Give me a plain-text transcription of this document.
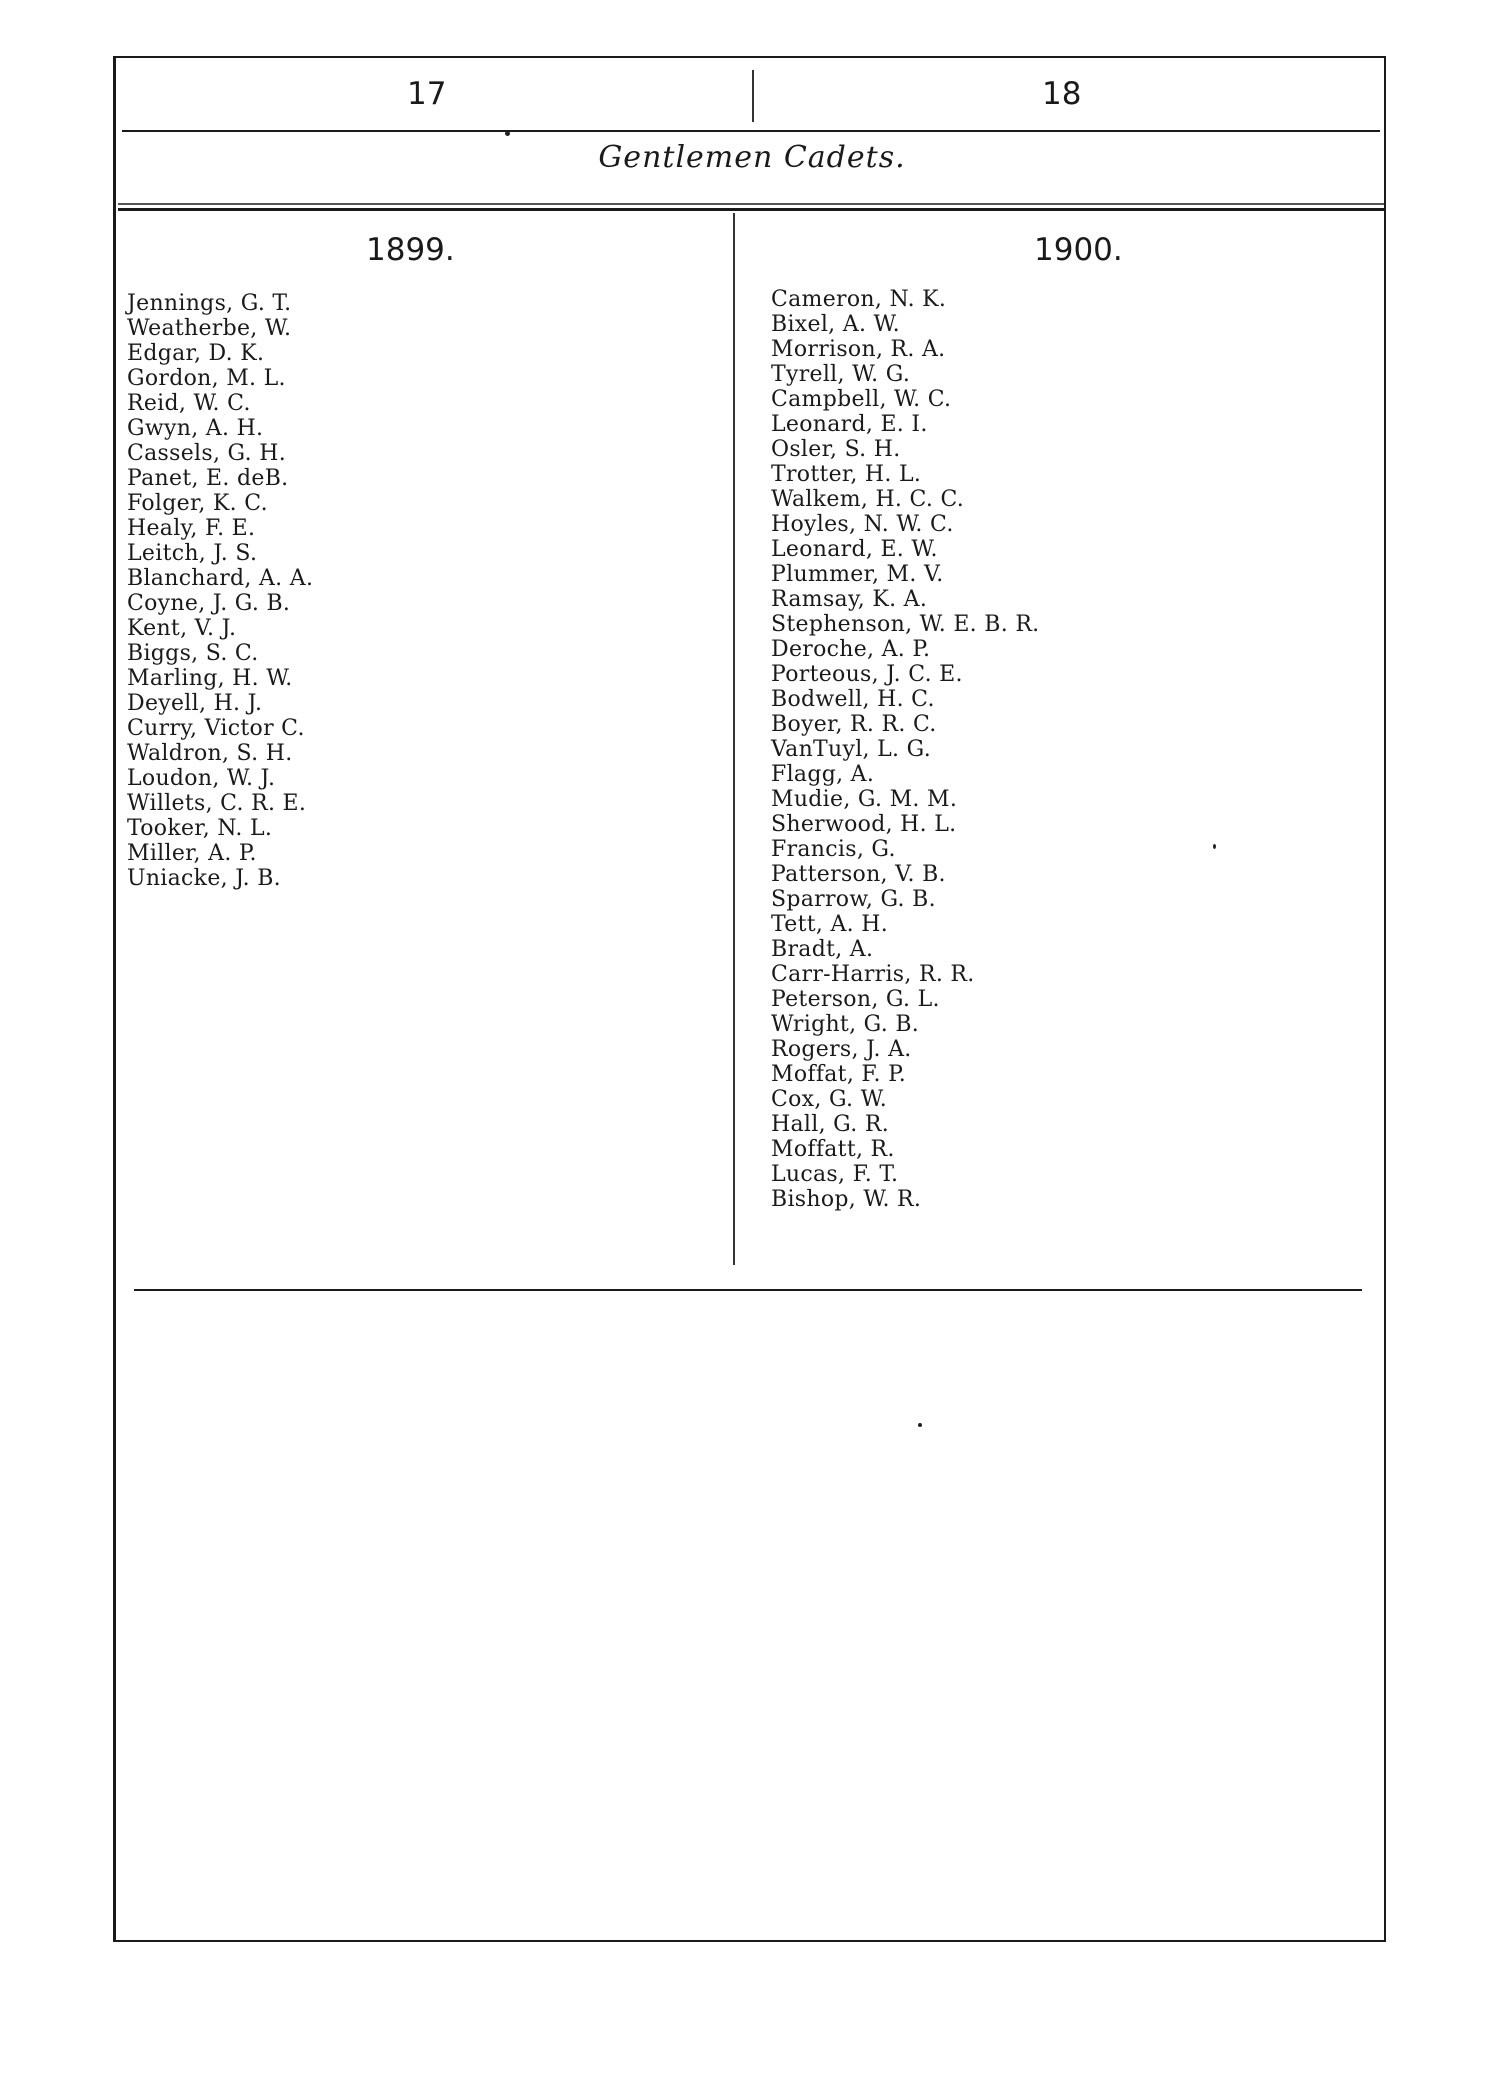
17	18
Gentlemen Cadets.
1899.	1900.
Jennings, G. T.
Weatherbe, W.
Edgar, D. K.
Gordon, M. L.
Reid, W. C.
Gwyn, A. H.
Cassels, G. H.
Panet, E. deB.
Folger, K. C.
Healy, F. E.
Leitch, J. S.
Blanchard, A. A.
Coyne, J. G. B.
Kent, V. J.
Biggs, S. C.
Marling, H. W.
Deyell, H. J.
Curry, Victor C.
Waldron, S. H.
Loudon, W. J.
Willets, C. R. E.
Tooker, N. L.
Miller, A. P.
Uniacke, J. B.
Cameron, N. K.
Bixel, A. W.
Morrison, R. A.
Tyrell, W. G.
Campbell, W. C.
Leonard, E. I.
Osler, S. H.
Trotter, H. L.
Walkem, H. C. C.
Hoyles, N. W. C.
Leonard, E. W.
Plummer, M. V.
Ramsay, K. A.
Stephenson, W. E. B. R.
Deroche, A. P.
Porteous, J. C. E.
Bodwell, H. C.
Boyer, R. R. C.
VanTuyl, L. G.
Flagg, A.
Mudie, G. M. M.
Sherwood, H. L.
Francis, G.
Patterson, V. B.
Sparrow, G. B.
Tett, A. H.
Bradt, A.
Carr-Harris, R. R.
Peterson, G. L.
Wright, G. B.
Rogers, J. A.
Moffat, F. P.
Cox, G. W.
Hall, G. R.
Moffatt, R.
Lucas, F. T.
Bishop, W. R.
